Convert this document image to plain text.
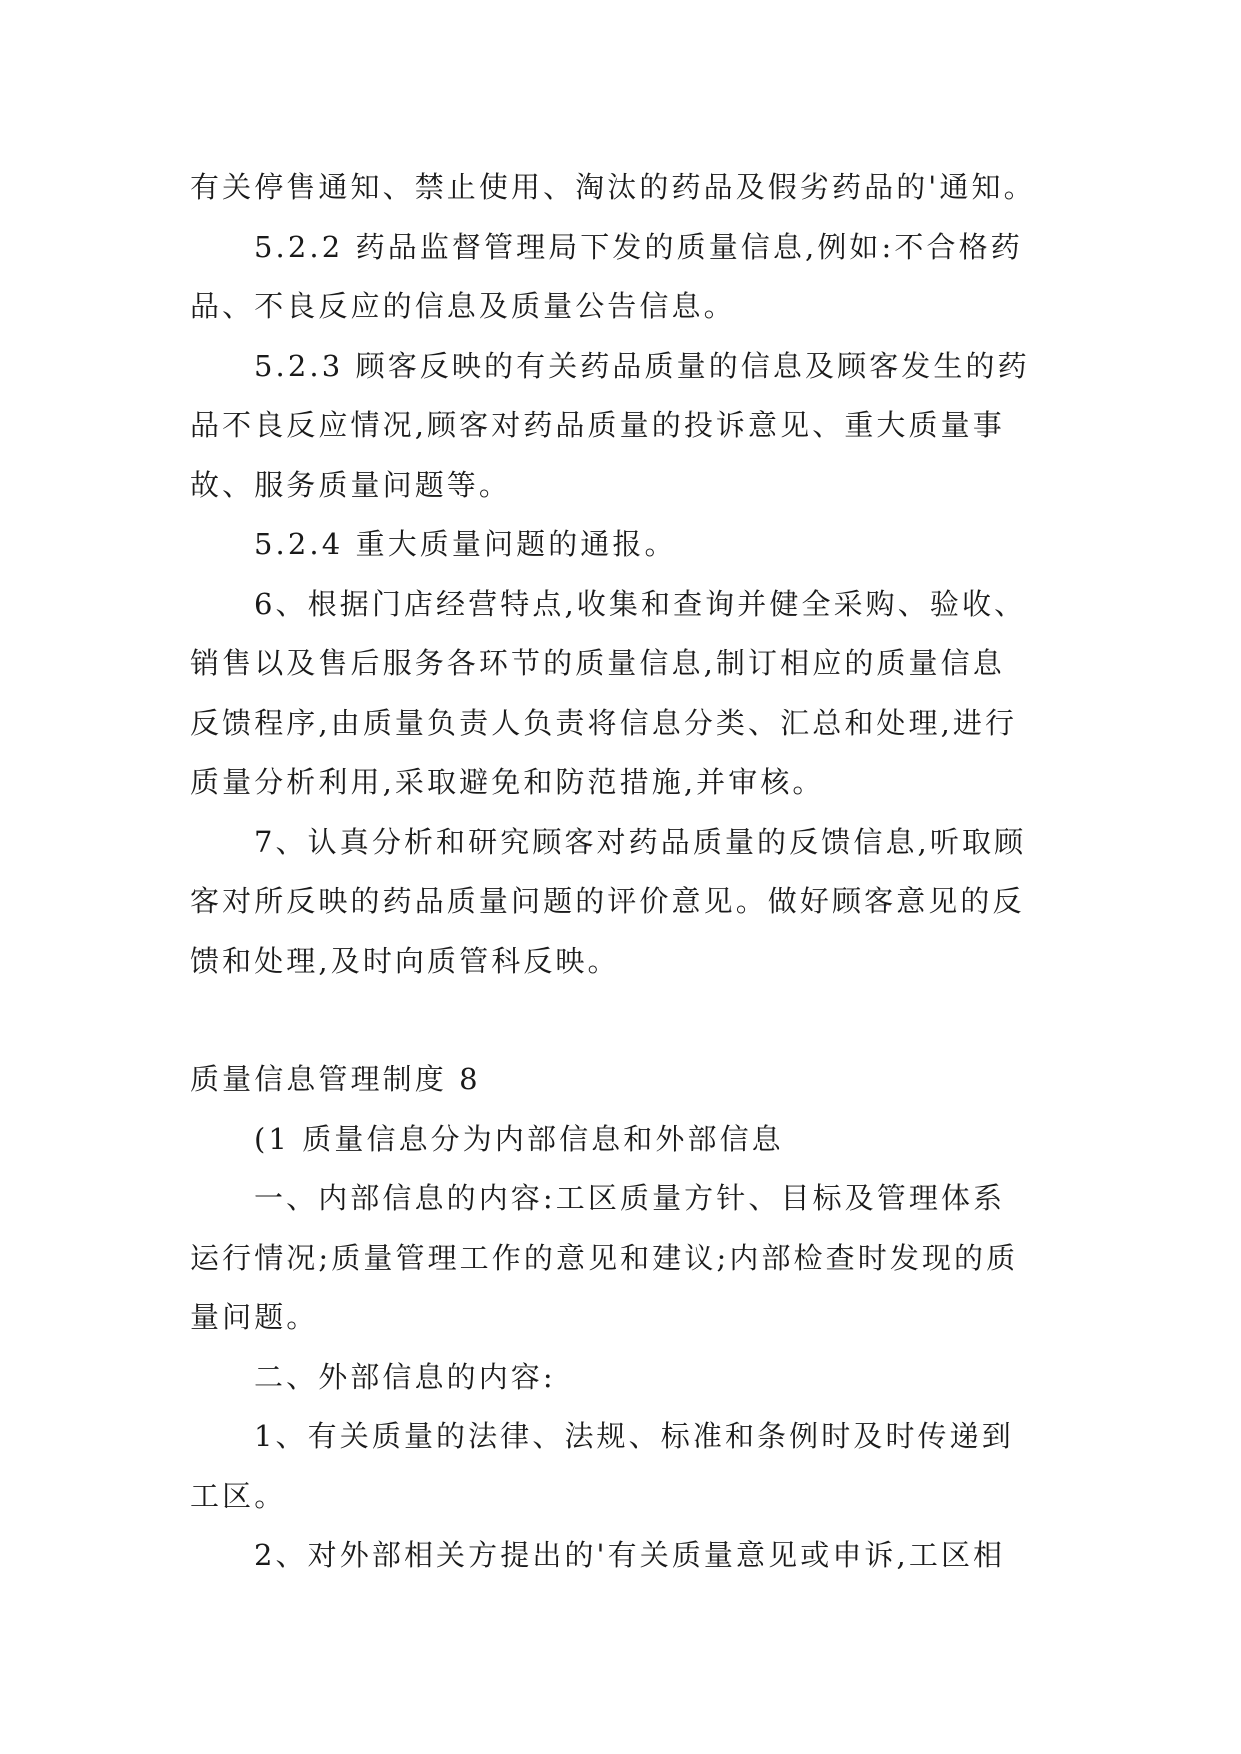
有关停售通知、禁止使用、淘汰的药品及假劣药品的'通知。
5.2.2 药品监督管理局下发的质量信息,例如:不合格药
品、不良反应的信息及质量公告信息。
5.2.3 顾客反映的有关药品质量的信息及顾客发生的药
品不良反应情况,顾客对药品质量的投诉意见、重大质量事
故、服务质量问题等。
5.2.4 重大质量问题的通报。
6、根据门店经营特点,收集和查询并健全采购、验收、
销售以及售后服务各环节的质量信息,制订相应的质量信息
反馈程序,由质量负责人负责将信息分类、汇总和处理,进行
质量分析利用,采取避免和防范措施,并审核。
7、认真分析和研究顾客对药品质量的反馈信息,听取顾
客对所反映的药品质量问题的评价意见。做好顾客意见的反
馈和处理,及时向质管科反映。
质量信息管理制度 8
(1 质量信息分为内部信息和外部信息
一、内部信息的内容:工区质量方针、目标及管理体系
运行情况;质量管理工作的意见和建议;内部检查时发现的质
量问题。
二、外部信息的内容:
1、有关质量的法律、法规、标准和条例时及时传递到
工区。
2、对外部相关方提出的'有关质量意见或申诉,工区相
